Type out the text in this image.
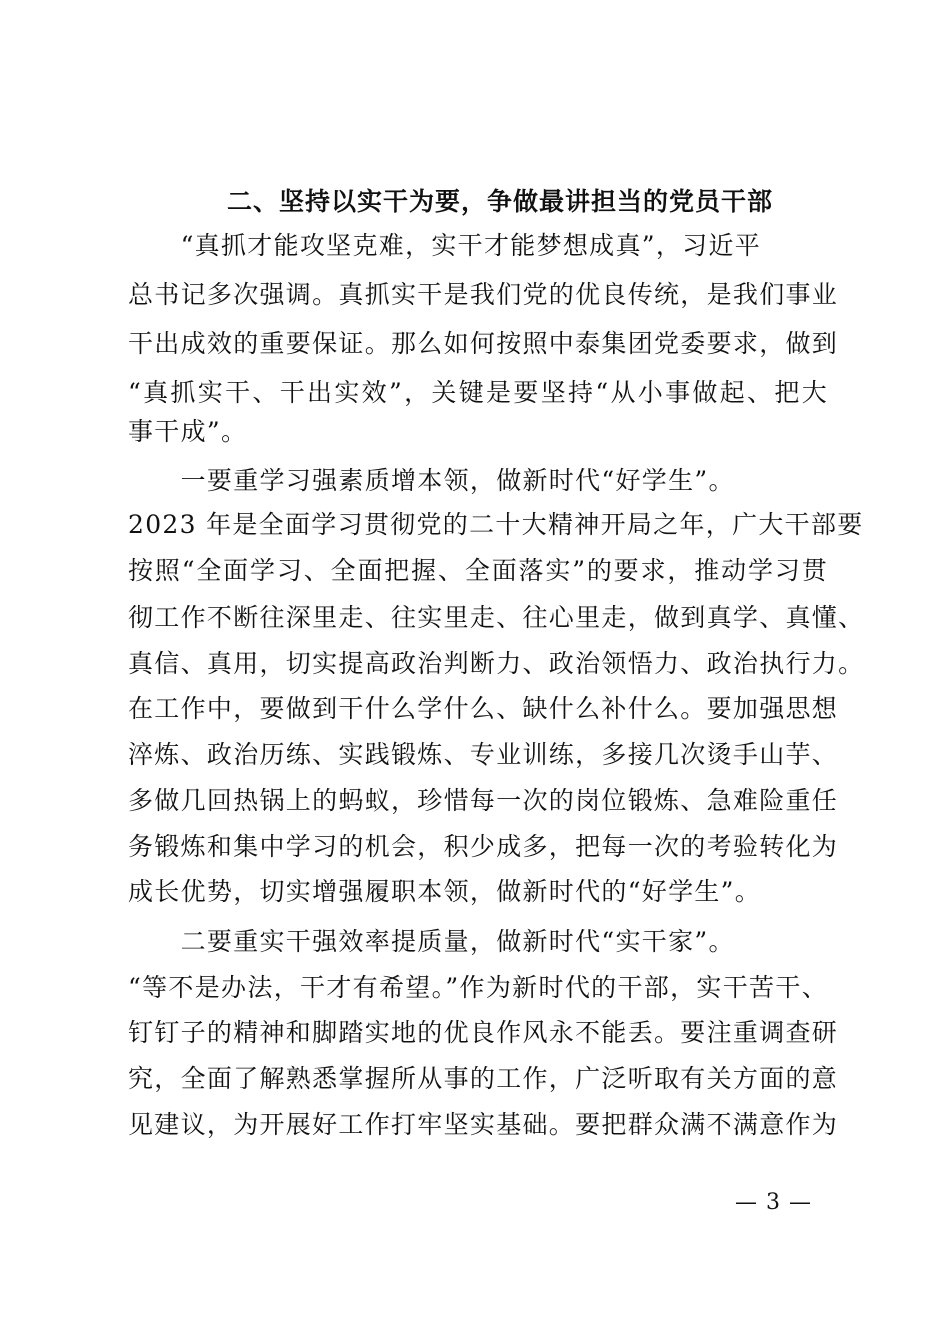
二、坚持以实干为要，争做最讲担当的党员干部

　　“真抓才能攻坚克难，实干才能梦想成真”，习近平

总书记多次强调。真抓实干是我们党的优良传统，是我们事业

干出成效的重要保证。那么如何按照中泰集团党委要求，做到

“真抓实干、干出实效”，关键是要坚持“从小事做起、把大

事干成”。

　　一要重学习强素质增本领，做新时代“好学生”。

2023 年是全面学习贯彻党的二十大精神开局之年，广大干部要

按照“全面学习、全面把握、全面落实”的要求，推动学习贯

彻工作不断往深里走、往实里走、往心里走，做到真学、真懂、

真信、真用，切实提高政治判断力、政治领悟力、政治执行力。

在工作中，要做到干什么学什么、缺什么补什么。要加强思想

淬炼、政治历练、实践锻炼、专业训练，多接几次烫手山芋、

多做几回热锅上的蚂蚁，珍惜每一次的岗位锻炼、急难险重任

务锻炼和集中学习的机会，积少成多，把每一次的考验转化为

成长优势，切实增强履职本领，做新时代的“好学生”。

　　二要重实干强效率提质量，做新时代“实干家”。

“等不是办法，干才有希望。”作为新时代的干部，实干苦干、

钉钉子的精神和脚踏实地的优良作风永不能丢。要注重调查研

究，全面了解熟悉掌握所从事的工作，广泛听取有关方面的意

见建议，为开展好工作打牢坚实基础。要把群众满不满意作为

— 3 —
